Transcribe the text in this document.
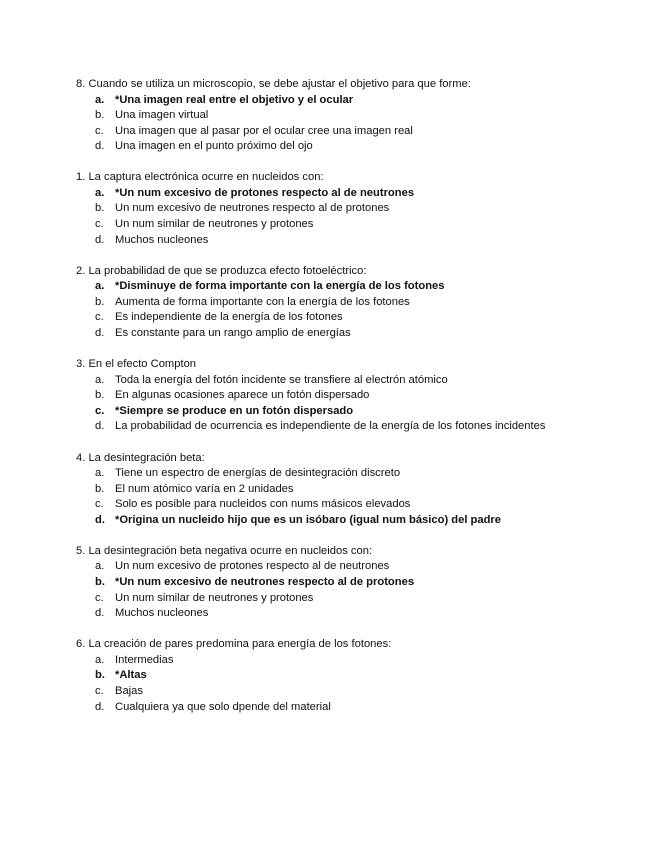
8. Cuando se utiliza un microscopio, se debe ajustar el objetivo para que forme:
a. *Una imagen real entre el objetivo y el ocular
b. Una imagen virtual
c. Una imagen que al pasar por el ocular cree una imagen real
d. Una imagen en el punto próximo del ojo
1. La captura electrónica ocurre en nucleidos con:
a. *Un num excesivo de protones respecto al de neutrones
b. Un num excesivo de neutrones respecto al de protones
c. Un num similar de neutrones y protones
d. Muchos nucleones
2. La probabilidad de que se produzca efecto fotoeléctrico:
a. *Disminuye de forma importante con la energía de los fotones
b. Aumenta de forma importante con la energía de los fotones
c. Es independiente de la energía de los fotones
d. Es constante para un rango amplio de energías
3. En el efecto Compton
a. Toda la energía del fotón incidente se transfiere al electrón atómico
b. En algunas ocasiones aparece un fotón dispersado
c. *Siempre se produce en un fotón dispersado
d. La probabilidad de ocurrencia es independiente de la energía de los fotones incidentes
4. La desintegración beta:
a. Tiene un espectro de energías de desintegración discreto
b. El num atómico varía en 2 unidades
c. Solo es posible para nucleidos con nums másicos elevados
d. *Origina un nucleido hijo que es un isóbaro (igual num básico) del padre
5. La desintegración beta negativa ocurre en nucleidos con:
a. Un num excesivo de protones respecto al de neutrones
b. *Un num excesivo de neutrones respecto al de protones
c. Un num similar de neutrones y protones
d. Muchos nucleones
6. La creación de pares predomina para energía de los fotones:
a. Intermedias
b. *Altas
c. Bajas
d. Cualquiera ya que solo dpende del material
